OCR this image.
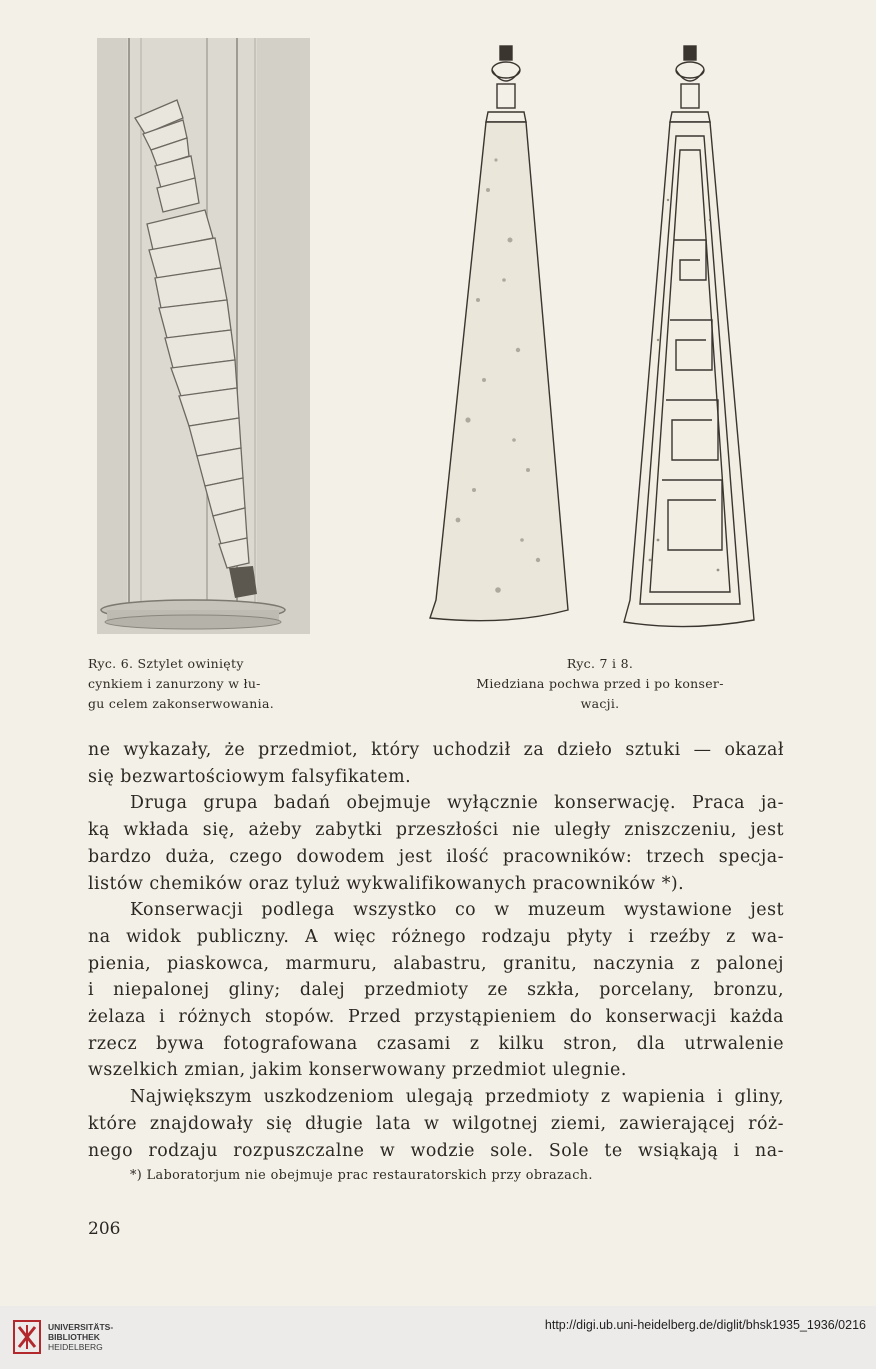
Ryc. 6. Sztylet owinięty
cynkiem i zanurzony w łu-
gu celem zakonserwowania.
Ryc. 7 i 8.
Miedziana pochwa przed i po konser-
wacji.
ne wykazały, że przedmiot, który uchodził za dzieło sztuki — okazał
się bezwartościowym falsyfikatem.
Druga grupa badań obejmuje wyłącznie konserwację. Praca ja-
ką wkłada się, ażeby zabytki przeszłości nie uległy zniszczeniu, jest
bardzo duża, czego dowodem jest ilość pracowników: trzech specja-
listów chemików oraz tyluż wykwalifikowanych pracowników *).
Konserwacji podlega wszystko co w muzeum wystawione jest
na widok publiczny. A więc różnego rodzaju płyty i rzeźby z wa-
pienia, piaskowca, marmuru, alabastru, granitu, naczynia z palonej
i niepalonej gliny; dalej przedmioty ze szkła, porcelany, bronzu,
żelaza i różnych stopów. Przed przystąpieniem do konserwacji każda
rzecz bywa fotografowana czasami z kilku stron, dla utrwalenie
wszelkich zmian, jakim konserwowany przedmiot ulegnie.
Największym uszkodzeniom ulegają przedmioty z wapienia i gliny,
które znajdowały się długie lata w wilgotnej ziemi, zawierającej róż-
nego rodzaju rozpuszczalne w wodzie sole. Sole te wsiąkają i na-
*) Laboratorjum nie obejmuje prac restauratorskich przy obrazach.
206
UNIVERSITÄTS-
BIBLIOTHEK
HEIDELBERG
http://digi.ub.uni-heidelberg.de/diglit/bhsk1935_1936/0216
